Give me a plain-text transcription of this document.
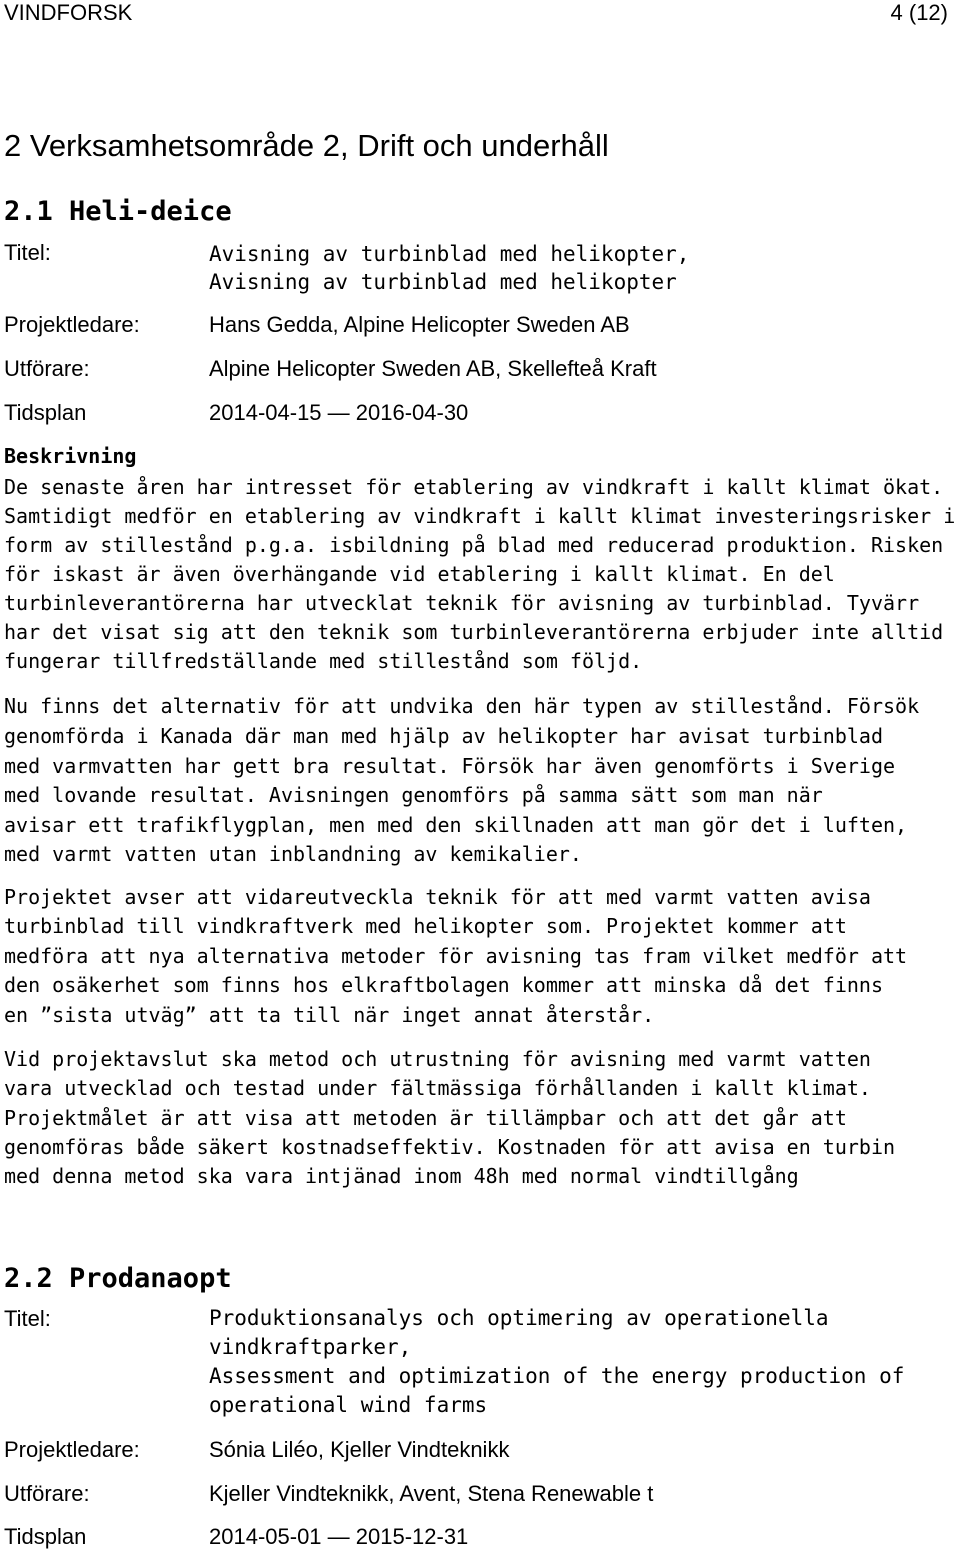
VINDFORSK	4 (12)
2 Verksamhetsområde 2, Drift och underhåll
2.1 Heli-deice
Titel:	Avisning av turbinblad med helikopter,
Avisning av turbinblad med helikopter
Projektledare:	Hans Gedda, Alpine Helicopter Sweden AB
Utförare:	Alpine Helicopter Sweden AB, Skellefteå Kraft
Tidsplan	2014-04-15 — 2016-04-30
Beskrivning
De senaste åren har intresset för etablering av vindkraft i kallt klimat ökat.
Samtidigt medför en etablering av vindkraft i kallt klimat investeringsrisker i
form av stillestånd p.g.a. isbildning på blad med reducerad produktion. Risken
för iskast är även överhängande vid etablering i kallt klimat. En del
turbinleverantörerna har utvecklat teknik för avisning av turbinblad. Tyvärr
har det visat sig att den teknik som turbinleverantörerna erbjuder inte alltid
fungerar tillfredställande med stillestånd som följd.
Nu finns det alternativ för att undvika den här typen av stillestånd. Försök
genomförda i Kanada där man med hjälp av helikopter har avisat turbinblad
med varmvatten har gett bra resultat. Försök har även genomförts i Sverige
med lovande resultat. Avisningen genomförs på samma sätt som man när
avisar ett trafikflygplan, men med den skillnaden att man gör det i luften,
med varmt vatten utan inblandning av kemikalier.
Projektet avser att vidareutveckla teknik för att med varmt vatten avisa
turbinblad till vindkraftverk med helikopter som. Projektet kommer att
medföra att nya alternativa metoder för avisning tas fram vilket medför att
den osäkerhet som finns hos elkraftbolagen kommer att minska då det finns
en ”sista utväg” att ta till när inget annat återstår.
Vid projektavslut ska metod och utrustning för avisning med varmt vatten
vara utvecklad och testad under fältmässiga förhållanden i kallt klimat.
Projektmålet är att visa att metoden är tillämpbar och att det går att
genomföras både säkert kostnadseffektiv. Kostnaden för att avisa en turbin
med denna metod ska vara intjänad inom 48h med normal vindtillgång
2.2 Prodanaopt
Titel:	Produktionsanalys och optimering av operationella
vindkraftparker,
Assessment and optimization of the energy production of
operational wind farms
Projektledare:	Sónia Liléo, Kjeller Vindteknikk
Utförare:	Kjeller Vindteknikk, Avent, Stena Renewable t
Tidsplan	2014-05-01 — 2015-12-31
